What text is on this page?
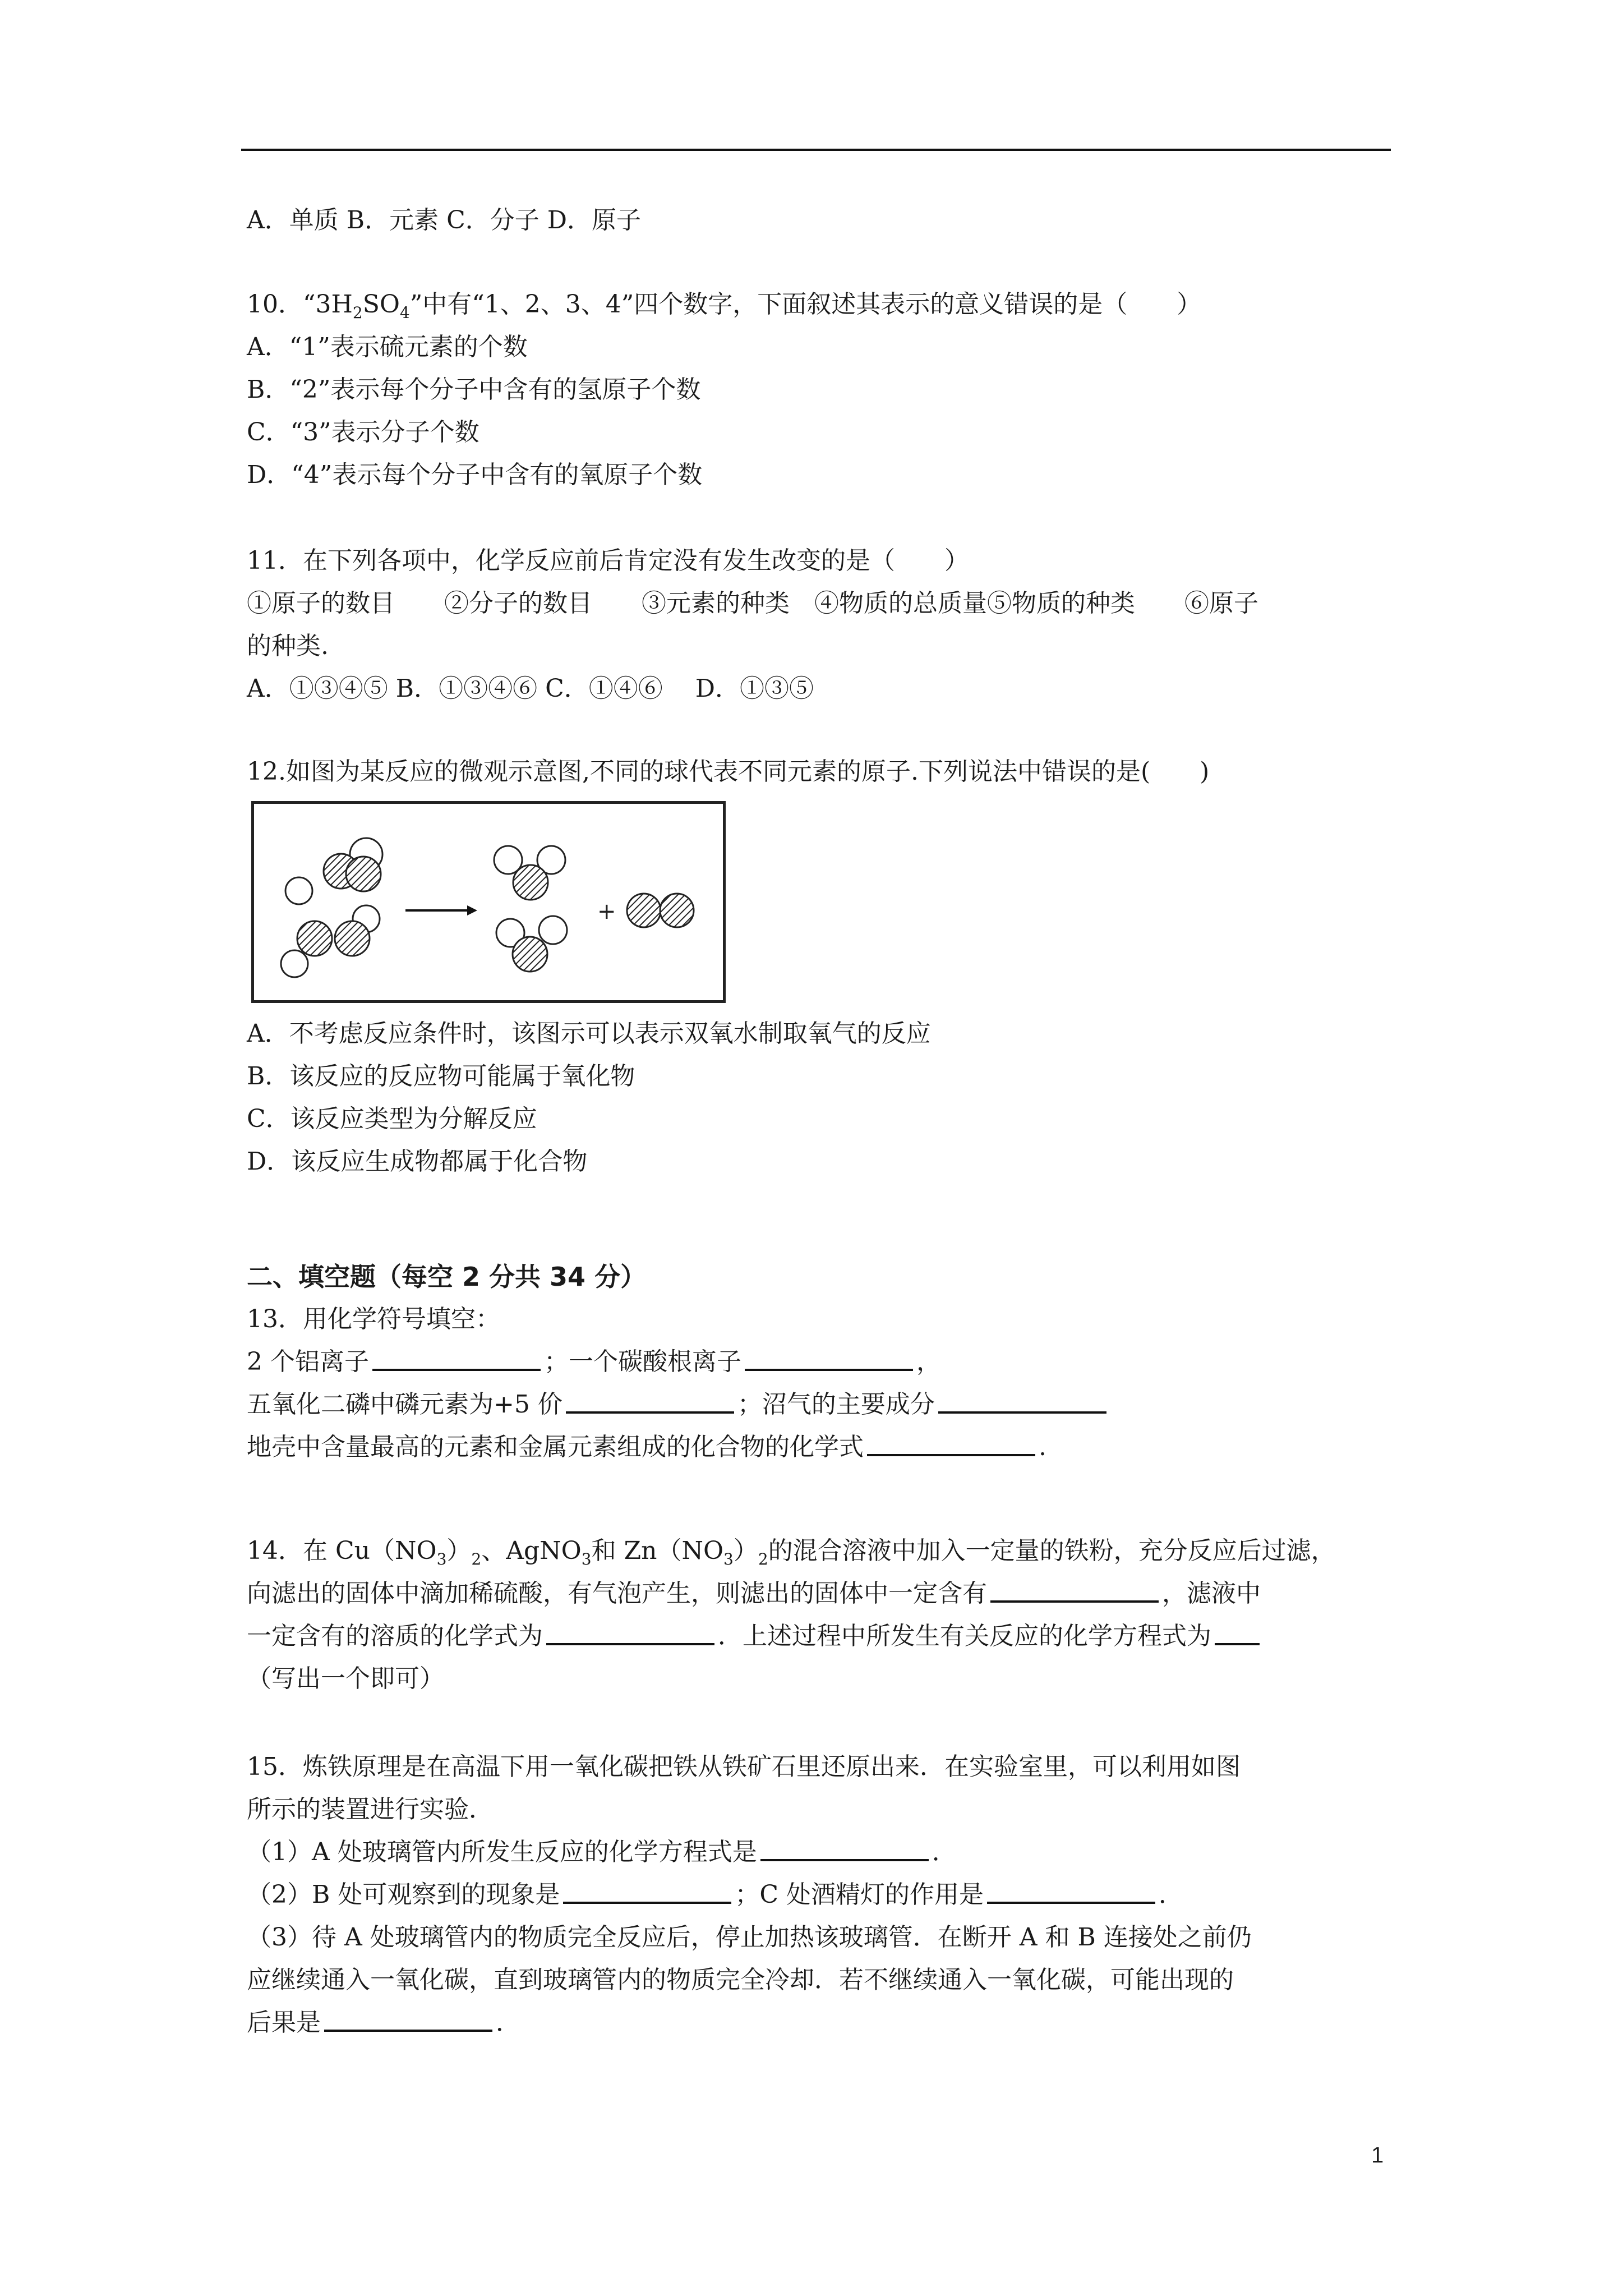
A．单质 B．元素 C．分子 D．原子
10．“$3H_2SO_4$”中有“1、2、3、4”四个数字，下面叙述其表示的意义错误的是（　　）
A．“1”表示硫元素的个数
B．“2”表示每个分子中含有的氢原子个数
C．“3”表示分子个数
D．“4”表示每个分子中含有的氧原子个数
11．在下列各项中，化学反应前后肯定没有发生改变的是（　　）
①原子的数目　　②分子的数目　　③元素的种类　④物质的总质量⑤物质的种类　　⑥原子
的种类.
A．①③④⑤ B．①③④⑥ C．①④⑥　 D．①③⑤
12.如图为某反应的微观示意图,不同的球代表不同元素的原子.下列说法中错误的是(　　)
+
A．不考虑反应条件时，该图示可以表示双氧水制取氧气的反应
B．该反应的反应物可能属于氧化物
C．该反应类型为分解反应
D．该反应生成物都属于化合物
二、填空题（每空 2 分共 34 分）
13．用化学符号填空：
2 个铝离子	；一个碳酸根离子	，
五氧化二磷中磷元素为+5 价	；沼气的主要成分
地壳中含量最高的元素和金属元素组成的化合物的化学式	.
14．在 $Cu(NO_3)_2$、AgNO$_3$和 $Zn(NO_3)_2$的混合溶液中加入一定量的铁粉，充分反应后过滤，
向滤出的固体中滴加稀硫酸，有气泡产生，则滤出的固体中一定含有	，滤液中
一定含有的溶质的化学式为	．上述过程中所发生有关反应的化学方程式为
（写出一个即可）
15．炼铁原理是在高温下用一氧化碳把铁从铁矿石里还原出来．在实验室里，可以利用如图
所示的装置进行实验．
（1）A 处玻璃管内所发生反应的化学方程式是	．
（2）B 处可观察到的现象是	；C 处酒精灯的作用是	．
（3）待 A 处玻璃管内的物质完全反应后，停止加热该玻璃管．在断开 A 和 B 连接处之前仍
应继续通入一氧化碳，直到玻璃管内的物质完全冷却．若不继续通入一氧化碳，可能出现的
后果是	．
1
